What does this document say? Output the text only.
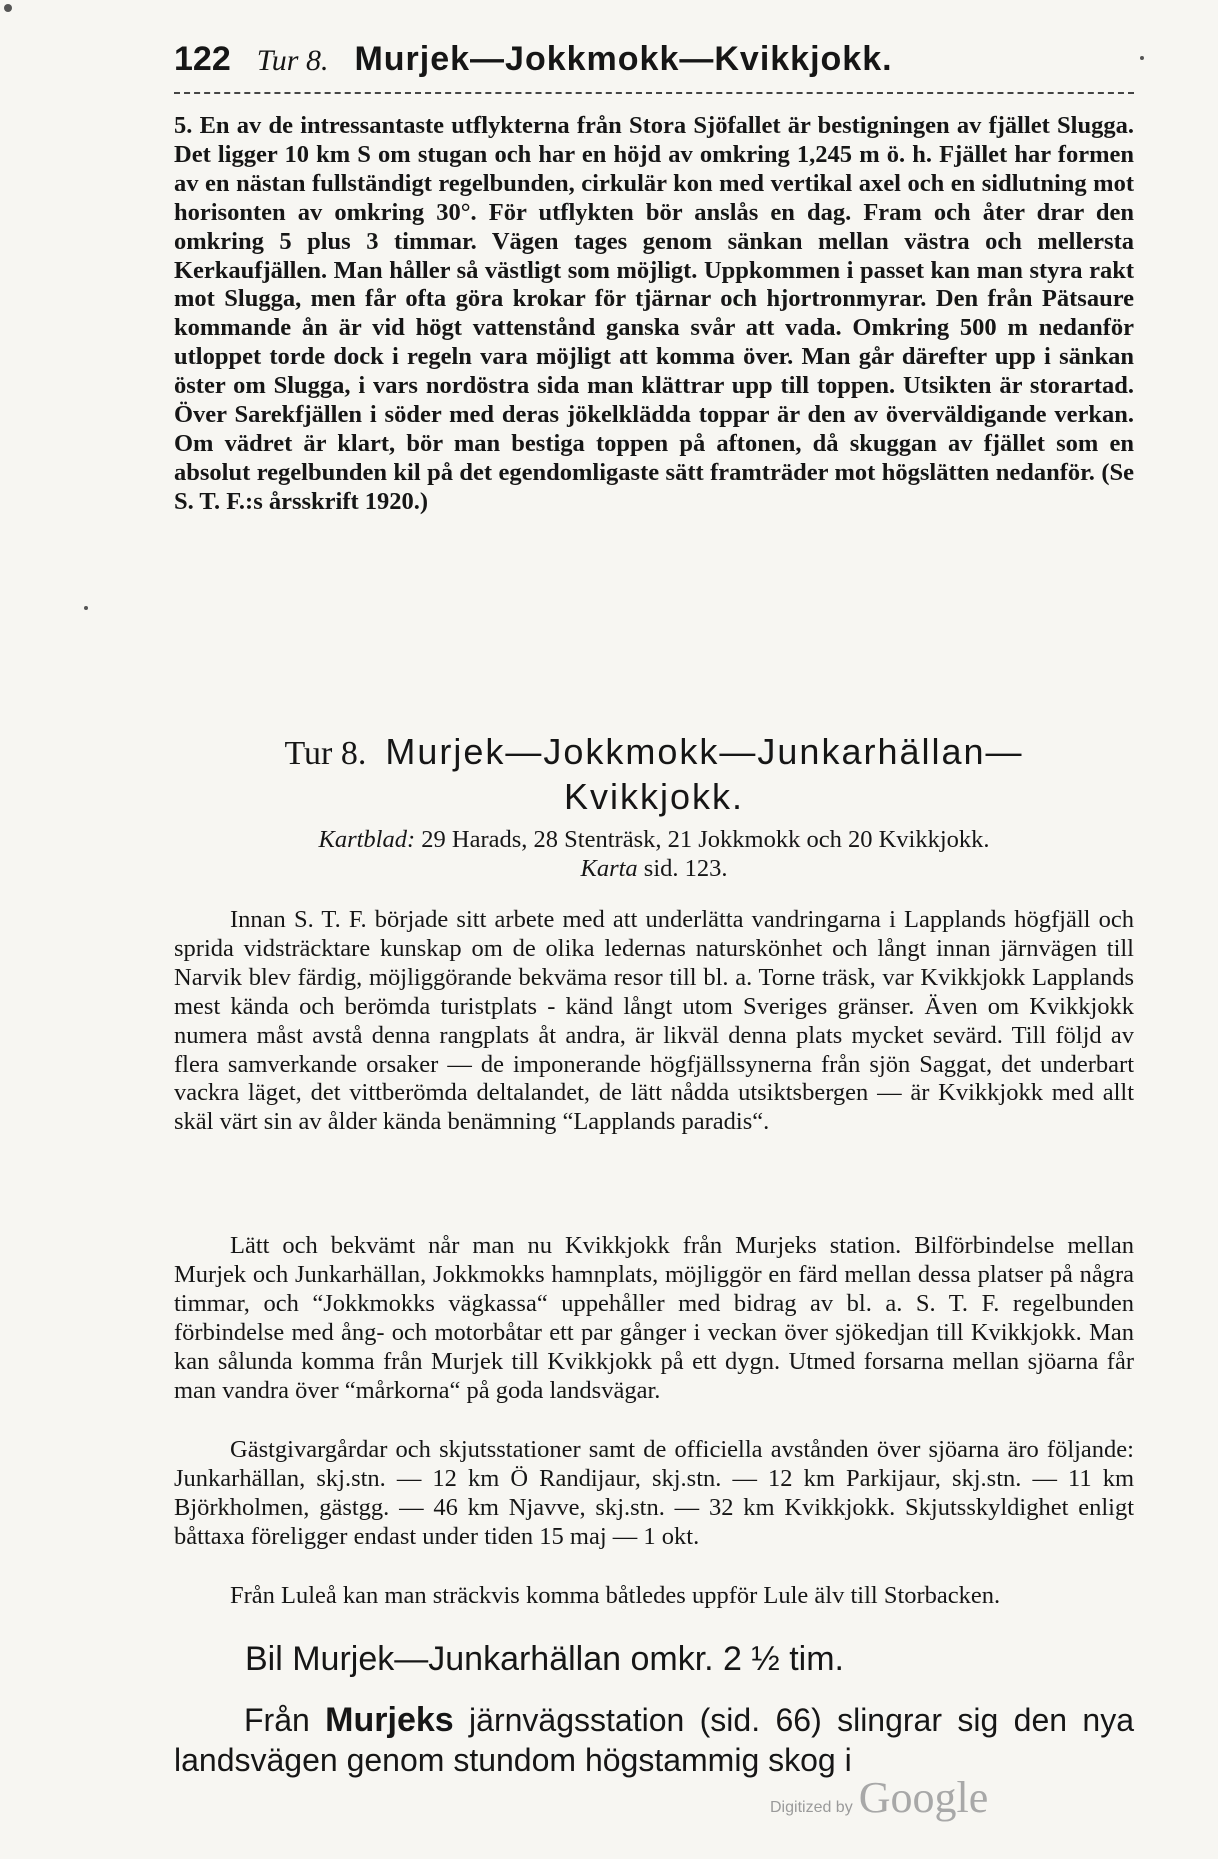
122 Tur 8. Murjek—Jokkmokk—Kvikkjokk.

5. En av de intressantaste utflykterna från Stora Sjöfallet är bestigningen av fjället Slugga. Det ligger 10 km S om stugan och har en höjd av omkring 1,245 m ö. h. Fjället har formen av en nästan fullständigt regelbunden, cirkulär kon med vertikal axel och en sidlutning mot horisonten av omkring 30°. För utflykten bör anslås en dag. Fram och åter drar den omkring 5 plus 3 timmar. Vägen tages genom sänkan mellan västra och mellersta Kerkaufjällen. Man håller så västligt som möjligt. Uppkommen i passet kan man styra rakt mot Slugga, men får ofta göra krokar för tjärnar och hjortronmyrar. Den från Pätsaure kommande ån är vid högt vattenstånd ganska svår att vada. Omkring 500 m nedanför utloppet torde dock i regeln vara möjligt att komma över. Man går därefter upp i sänkan öster om Slugga, i vars nordöstra sida man klättrar upp till toppen. Utsikten är storartad. Över Sarekfjällen i söder med deras jökelklädda toppar är den av överväldigande verkan. Om vädret är klart, bör man bestiga toppen på aftonen, då skuggan av fjället som en absolut regelbunden kil på det egendomligaste sätt framträder mot högslätten nedanför. (Se S. T. F.:s årsskrift 1920.)

Tur 8. Murjek—Jokkmokk—Junkarhällan—
Kvikkjokk.
Kartblad: 29 Harads, 28 Stenträsk, 21 Jokkmokk och 20 Kvikkjokk.
Karta sid. 123.

Innan S. T. F. började sitt arbete med att underlätta vandringarna i Lapplands högfjäll och sprida vidsträcktare kunskap om de olika ledernas naturskönhet och långt innan järnvägen till Narvik blev färdig, möjliggörande bekväma resor till bl. a. Torne träsk, var Kvikkjokk Lapplands mest kända och berömda turistplats - känd långt utom Sveriges gränser. Även om Kvikkjokk numera måst avstå denna rangplats åt andra, är likväl denna plats mycket sevärd. Till följd av flera samverkande orsaker — de imponerande högfjällssynerna från sjön Saggat, det underbart vackra läget, det vittberömda deltalandet, de lätt nådda utsiktsbergen — är Kvikkjokk med allt skäl värt sin av ålder kända benämning “Lapplands paradis“.

Lätt och bekvämt når man nu Kvikkjokk från Murjeks station. Bilförbindelse mellan Murjek och Junkarhällan, Jokkmokks hamnplats, möjliggör en färd mellan dessa platser på några timmar, och “Jokkmokks vägkassa“ uppehåller med bidrag av bl. a. S. T. F. regelbunden förbindelse med ång- och motorbåtar ett par gånger i veckan över sjökedjan till Kvikkjokk. Man kan sålunda komma från Murjek till Kvikkjokk på ett dygn. Utmed forsarna mellan sjöarna får man vandra över “mårkorna“ på goda landsvägar.

Gästgivargårdar och skjutsstationer samt de officiella avstånden över sjöarna äro följande: Junkarhällan, skj.stn. — 12 km Ö Randijaur, skj.stn. — 12 km Parkijaur, skj.stn. — 11 km Björkholmen, gästgg. — 46 km Njavve, skj.stn. — 32 km Kvikkjokk. Skjutsskyldighet enligt båttaxa föreligger endast under tiden 15 maj — 1 okt.

Från Luleå kan man sträckvis komma båtledes uppför Lule älv till Storbacken.

Bil Murjek—Junkarhällan omkr. 2 ½ tim.
Från Murjeks järnvägsstation (sid. 66) slingrar sig den nya landsvägen genom stundom högstammig skog i
Digitized by Google
